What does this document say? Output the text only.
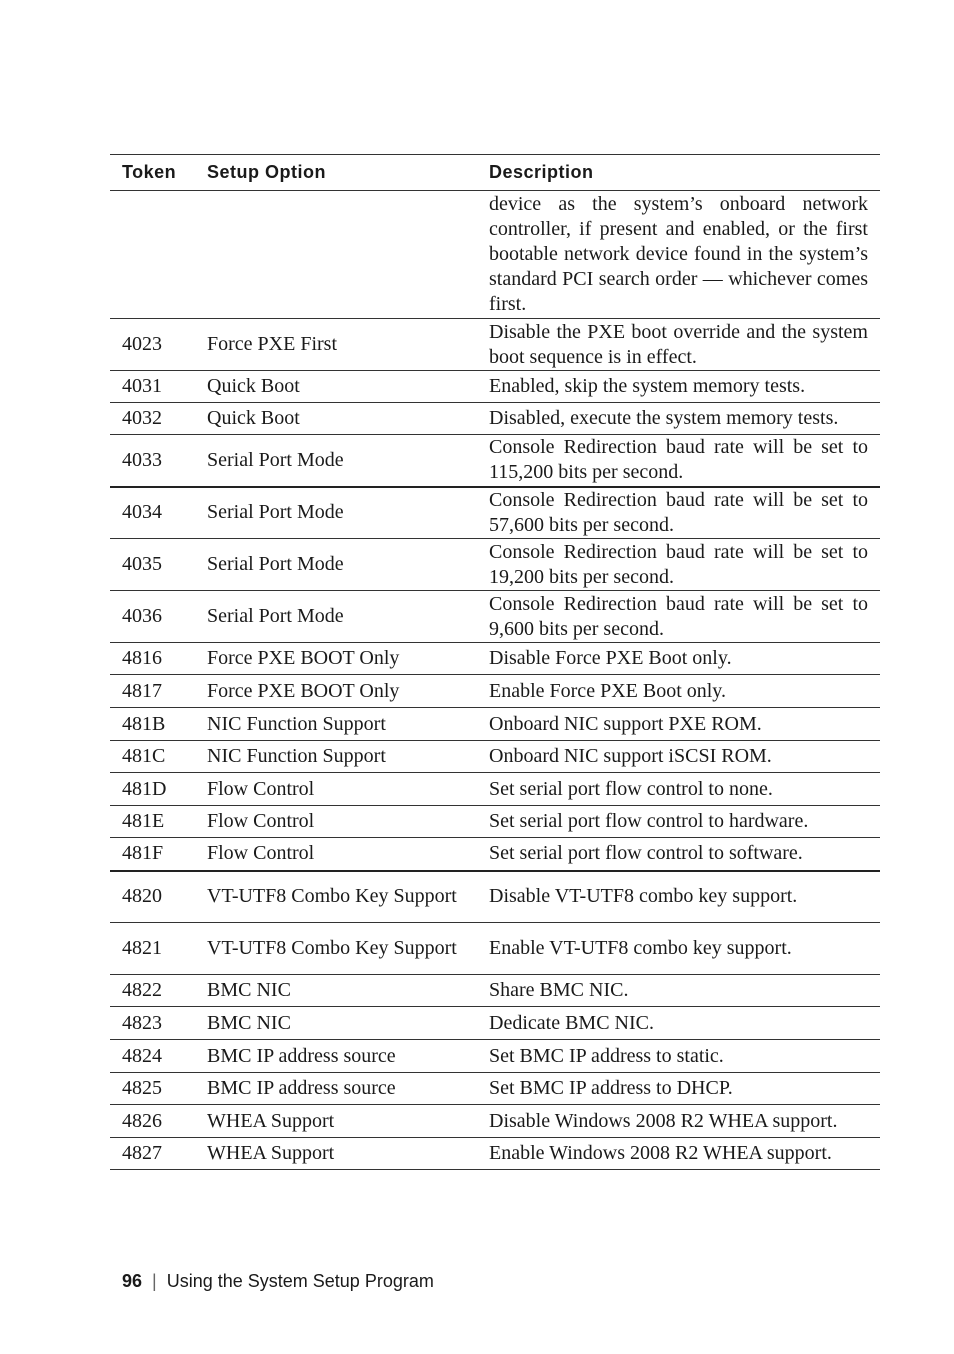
Token	Setup Option	Description
		device as the system’s onboard network controller, if present and enabled, or the first bootable network device found in the system’s standard PCI search order — whichever comes first.
4023	Force PXE First	Disable the PXE boot override and the system boot sequence is in effect.
4031	Quick Boot	Enabled, skip the system memory tests.
4032	Quick Boot	Disabled, execute the system memory tests.
4033	Serial Port Mode	Console Redirection baud rate will be set to 115,200 bits per second.
4034	Serial Port Mode	Console Redirection baud rate will be set to 57,600 bits per second.
4035	Serial Port Mode	Console Redirection baud rate will be set to 19,200 bits per second.
4036	Serial Port Mode	Console Redirection baud rate will be set to 9,600 bits per second.
4816	Force PXE BOOT Only	Disable Force PXE Boot only.
4817	Force PXE BOOT Only	Enable Force PXE Boot only.
481B	NIC Function Support	Onboard NIC support PXE ROM.
481C	NIC Function Support	Onboard NIC support iSCSI ROM.
481D	Flow Control	Set serial port flow control to none.
481E	Flow Control	Set serial port flow control to hardware.
481F	Flow Control	Set serial port flow control to software.
4820	VT-UTF8 Combo Key Support	Disable VT-UTF8 combo key support.
4821	VT-UTF8 Combo Key Support	Enable VT-UTF8 combo key support.
4822	BMC NIC	Share BMC NIC.
4823	BMC NIC	Dedicate BMC NIC.
4824	BMC IP address source	Set BMC IP address to static.
4825	BMC IP address source	Set BMC IP address to DHCP.
4826	WHEA Support	Disable Windows 2008 R2 WHEA support.
4827	WHEA Support	Enable Windows 2008 R2 WHEA support.
96 | Using the System Setup Program
